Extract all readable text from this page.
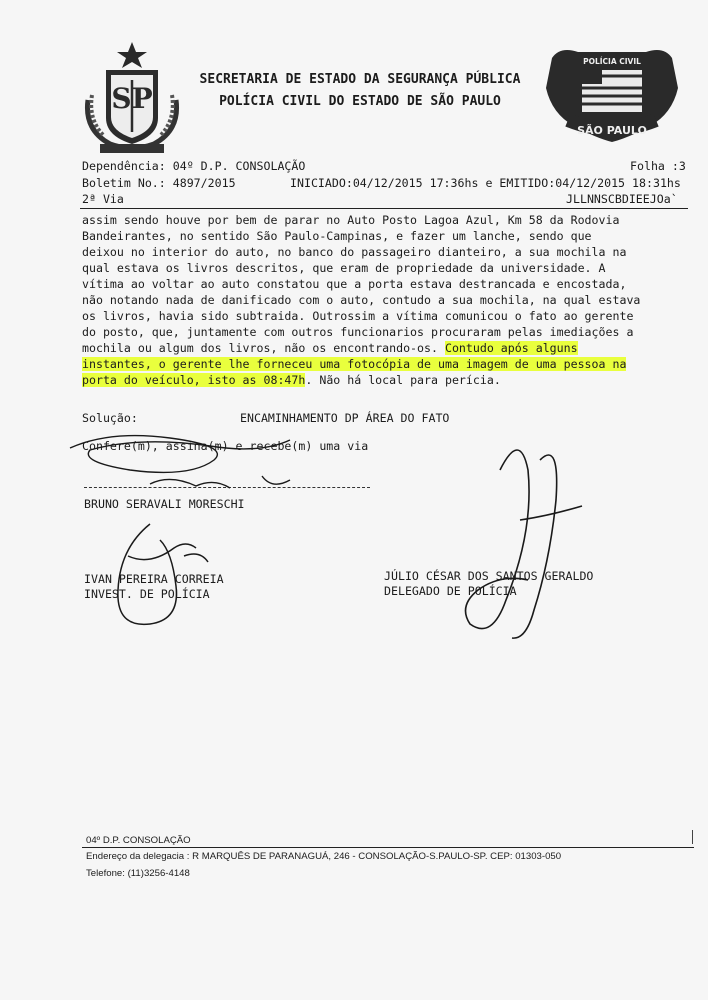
SP
SECRETARIA DE ESTADO DA SEGURANÇA PÚBLICA
POLÍCIA CIVIL DO ESTADO DE SÃO PAULO
POLÍCIA CIVIL
SÃO PAULO
Dependência: 04º D.P. CONSOLAÇÃO	Folha :3
Boletim No.: 4897/2015	INICIADO:04/12/2015 17:36hs e EMITIDO:04/12/2015 18:31hs
2ª Via	JLLNNSCBDIEEJOa`
assim sendo houve por bem de parar no Auto Posto Lagoa Azul, Km 58 da Rodovia
Bandeirantes, no sentido São Paulo-Campinas, e fazer um lanche, sendo que
deixou no interior do auto, no banco do passageiro dianteiro, a sua mochila na
qual estava os livros descritos, que eram de propriedade da universidade. A
vítima ao voltar ao auto constatou que a porta estava destrancada e encostada,
não notando nada de danificado com o auto, contudo a sua mochila, na qual estava
os livros, havia sido subtraida. Outrossim a vítima comunicou o fato ao gerente
do posto, que, juntamente com outros funcionarios procuraram pelas imediações a
mochila ou algum dos livros, não os encontrando-os. Contudo após alguns
instantes, o gerente lhe forneceu uma fotocópia de uma imagem de uma pessoa na
porta do veículo, isto as 08:47h. Não há local para perícia.
Solução:	ENCAMINHAMENTO DP ÁREA DO FATO
Confere(m), assina(m) e recebe(m) uma via
BRUNO SERAVALI MORESCHI
IVAN PEREIRA CORREIA
INVEST. DE POLÍCIA
JÚLIO CÉSAR DOS SANTOS GERALDO
DELEGADO DE POLÍCIA
04º D.P. CONSOLAÇÃO
Endereço da delegacia : R MARQUÊS DE PARANAGUÁ, 246 - CONSOLAÇÃO-S.PAULO-SP. CEP: 01303-050
Telefone: (11)3256-4148
